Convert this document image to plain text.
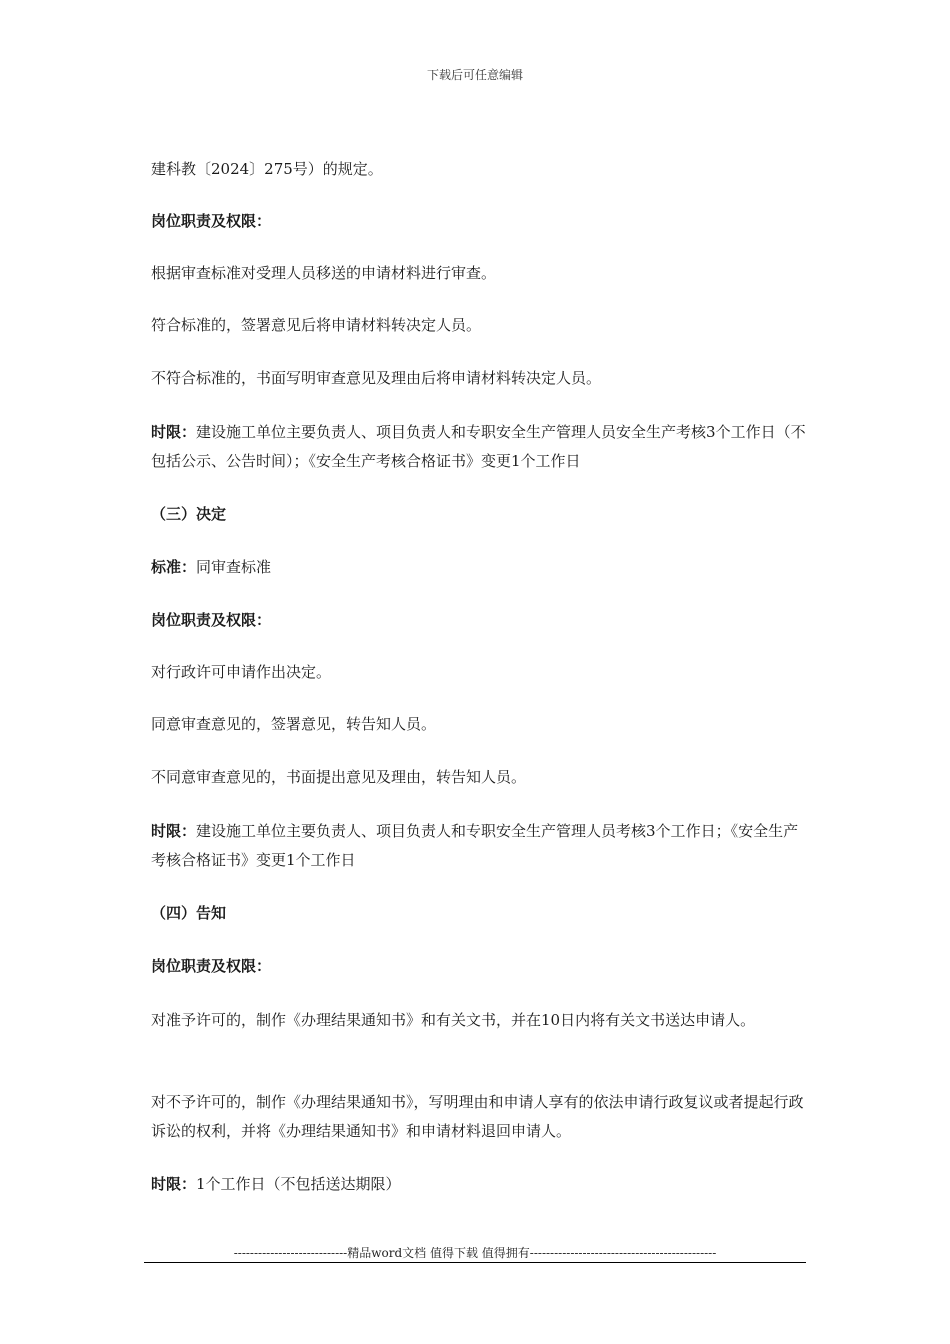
下载后可任意编辑

建科教〔2024〕275号）的规定。

岗位职责及权限：

根据审查标准对受理人员移送的申请材料进行审查。

符合标准的，签署意见后将申请材料转决定人员。

不符合标准的，书面写明审查意见及理由后将申请材料转决定人员。

时限：建设施工单位主要负责人、项目负责人和专职安全生产管理人员安全生产考核3个工作日（不包括公示、公告时间）；《安全生产考核合格证书》变更1个工作日

（三）决定

标准：同审查标准

岗位职责及权限：

对行政许可申请作出决定。

同意审查意见的，签署意见，转告知人员。

不同意审查意见的，书面提出意见及理由，转告知人员。

时限：建设施工单位主要负责人、项目负责人和专职安全生产管理人员考核3个工作日；《安全生产考核合格证书》变更1个工作日

（四）告知

岗位职责及权限：

对准予许可的，制作《办理结果通知书》和有关文书，并在10日内将有关文书送达申请人。

对不予许可的，制作《办理结果通知书》，写明理由和申请人享有的依法申请行政复议或者提起行政诉讼的权利，并将《办理结果通知书》和申请材料退回申请人。

时限：1个工作日（不包括送达期限）

----------------------------精品word文档 值得下载 值得拥有----------------------------------------------
